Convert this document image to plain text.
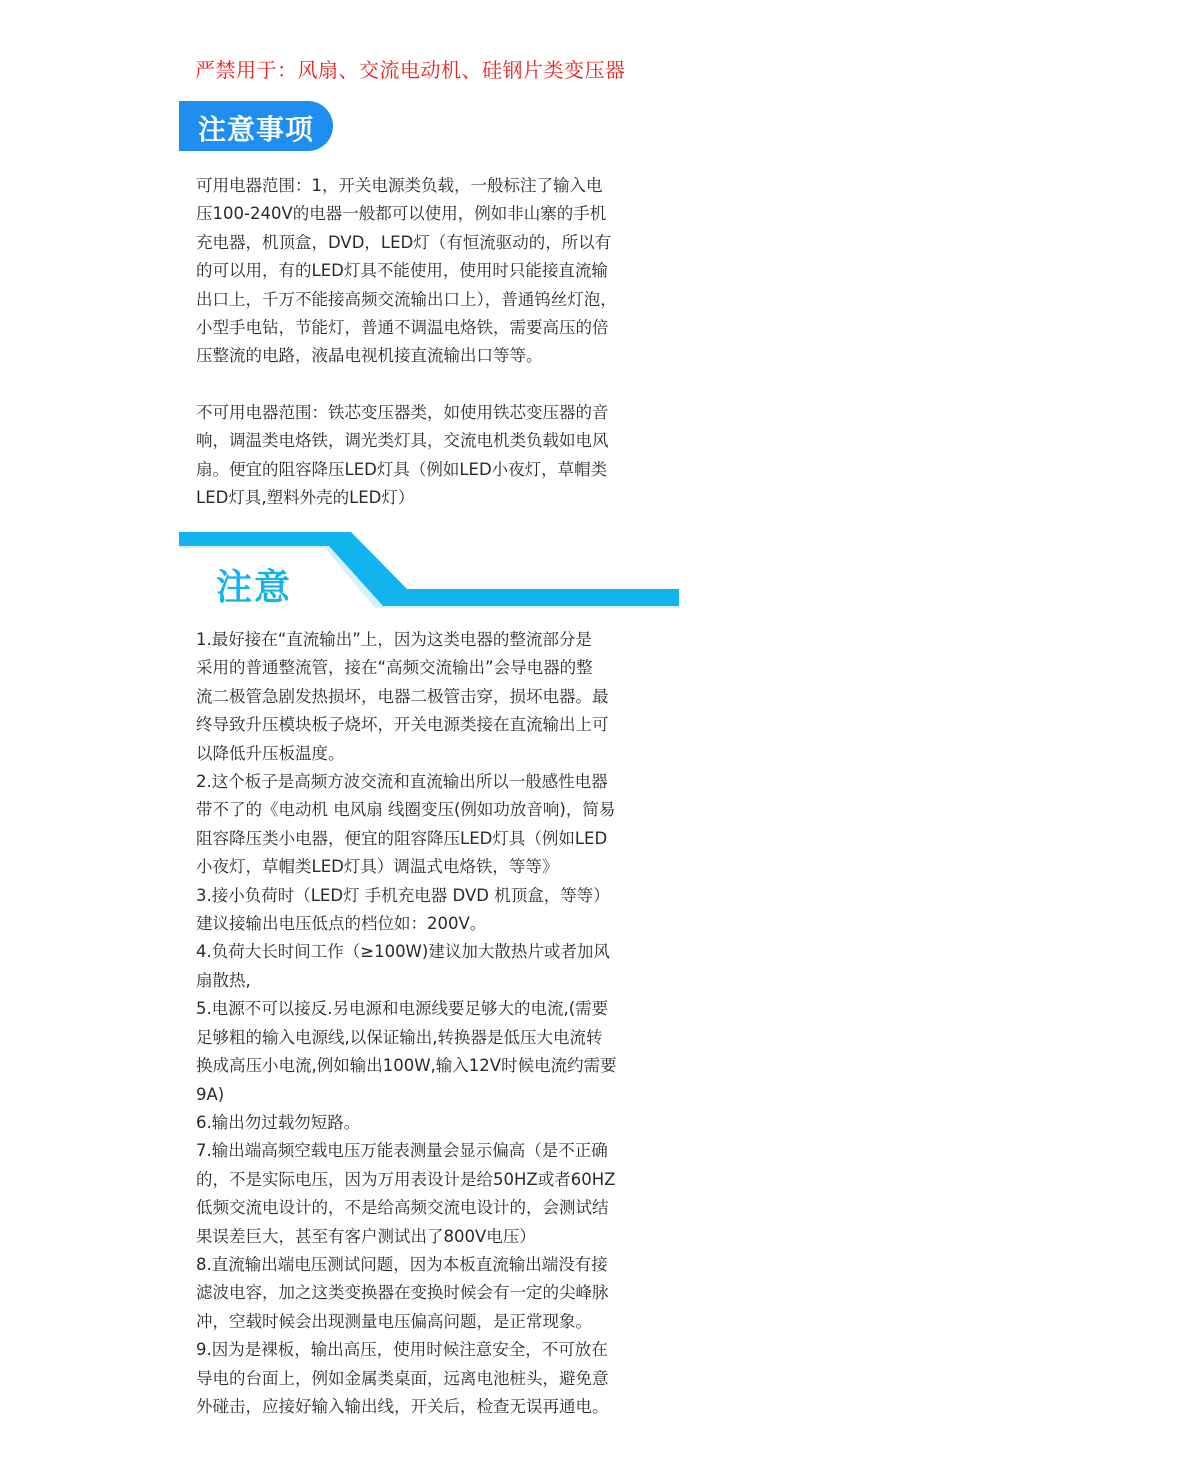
严禁用于：风扇、交流电动机、硅钢片类变压器
注意事项
可用电器范围：1，开关电源类负载，一般标注了输入电
压100-240V的电器一般都可以使用，例如非山寨的手机
充电器，机顶盒，DVD，LED灯（有恒流驱动的，所以有
的可以用，有的LED灯具不能使用，使用时只能接直流输
出口上，千万不能接高频交流输出口上），普通钨丝灯泡，
小型手电钻，节能灯，普通不调温电烙铁，需要高压的倍
压整流的电路，液晶电视机接直流输出口等等。
不可用电器范围：铁芯变压器类，如使用铁芯变压器的音
响，调温类电烙铁，调光类灯具，交流电机类负载如电风
扇。便宜的阻容降压LED灯具（例如LED小夜灯，草帽类
LED灯具,塑料外壳的LED灯）
注意
1.最好接在“直流输出”上，因为这类电器的整流部分是
采用的普通整流管，接在“高频交流输出”会导电器的整
流二极管急剧发热损坏，电器二极管击穿，损坏电器。最
终导致升压模块板子烧坏，开关电源类接在直流输出上可
以降低升压板温度。
2.这个板子是高频方波交流和直流输出所以一般感性电器
带不了的《电动机 电风扇 线圈变压(例如功放音响)，简易
阻容降压类小电器，便宜的阻容降压LED灯具（例如LED
小夜灯，草帽类LED灯具）调温式电烙铁，等等》
3.接小负荷时（LED灯 手机充电器 DVD 机顶盒，等等）
建议接输出电压低点的档位如：200V。
4.负荷大长时间工作（≥100W)建议加大散热片或者加风
扇散热,
5.电源不可以接反.另电源和电源线要足够大的电流,(需要
足够粗的输入电源线,以保证输出,转换器是低压大电流转
换成高压小电流,例如输出100W,输入12V时候电流约需要
9A)
6.输出勿过载勿短路。
7.输出端高频空载电压万能表测量会显示偏高（是不正确
的，不是实际电压，因为万用表设计是给50HZ或者60HZ
低频交流电设计的，不是给高频交流电设计的，会测试结
果误差巨大，甚至有客户测试出了800V电压）
8.直流输出端电压测试问题，因为本板直流输出端没有接
滤波电容，加之这类变换器在变换时候会有一定的尖峰脉
冲，空载时候会出现测量电压偏高问题，是正常现象。
9.因为是裸板，输出高压，使用时候注意安全，不可放在
导电的台面上，例如金属类桌面，远离电池桩头，避免意
外碰击，应接好输入输出线，开关后，检查无误再通电。
